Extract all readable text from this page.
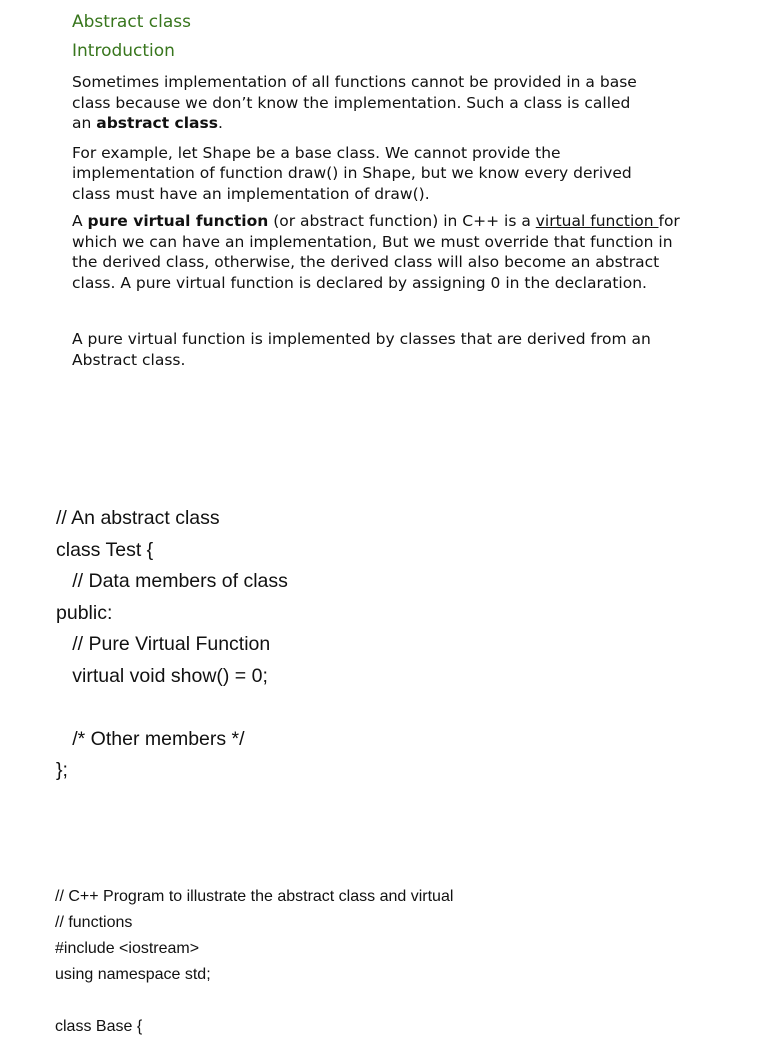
Abstract class
Introduction

Sometimes implementation of all functions cannot be provided in a base
class because we don’t know the implementation. Such a class is called
an abstract class.

For example, let Shape be a base class. We cannot provide the
implementation of function draw() in Shape, but we know every derived
class must have an implementation of draw().

A pure virtual function (or abstract function) in C++ is a virtual function for
which we can have an implementation, But we must override that function in
the derived class, otherwise, the derived class will also become an abstract
class. A pure virtual function is declared by assigning 0 in the declaration.

A pure virtual function is implemented by classes that are derived from an
Abstract class.

// An abstract class
class Test {
// Data members of class
public:
// Pure Virtual Function
virtual void show() = 0;
/* Other members */
};
// C++ Program to illustrate the abstract class and virtual
// functions
#include <iostream>
using namespace std;
class Base {
